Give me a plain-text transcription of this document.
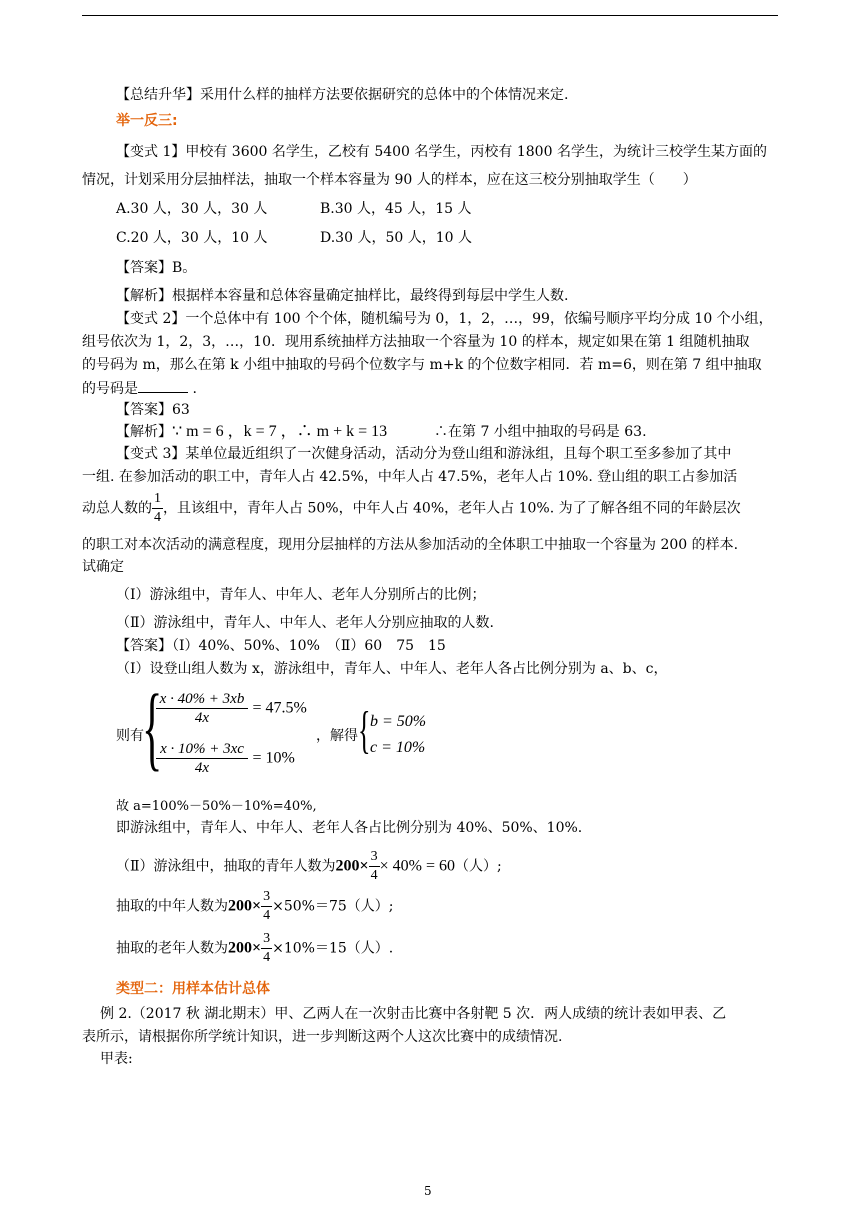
【总结升华】采用什么样的抽样方法要依据研究的总体中的个体情况来定.
举一反三:
【变式 1】甲校有 3600 名学生，乙校有 5400 名学生，丙校有 1800 名学生，为统计三校学生某方面的
情况，计划采用分层抽样法，抽取一个样本容量为 90 人的样本，应在这三校分别抽取学生（　　）
A.30 人，30 人，30 人	B.30 人，45 人，15 人
C.20 人，30 人，10 人	D.30 人，50 人，10 人
【答案】B。
【解析】根据样本容量和总体容量确定抽样比，最终得到每层中学生人数.
【变式 2】一个总体中有 100 个个体，随机编号为 0，1，2，…，99，依编号顺序平均分成 10 个小组，
组号依次为 1，2，3，…，10．现用系统抽样方法抽取一个容量为 10 的样本，规定如果在第 1 组随机抽取
的号码为 m，那么在第 k 小组中抽取的号码个位数字与 m+k 的个位数字相同．若 m=6，则在第 7 组中抽取
的号码是	.
【答案】63
【解析】∵ m = 6 ，k = 7 ，∴ m + k = 13	∴在第 7 小组中抽取的号码是 63.
【变式 3】某单位最近组织了一次健身活动，活动分为登山组和游泳组，且每个职工至多参加了其中
一组. 在参加活动的职工中，青年人占 42.5%，中年人占 47.5%，老年人占 10%. 登山组的职工占参加活
动总人数的 $\frac{1}{4}$ ，且该组中，青年人占 50%，中年人占 40%，老年人占 10%. 为了了解各组不同的年龄层次
的职工对本次活动的满意程度，现用分层抽样的方法从参加活动的全体职工中抽取一个容量为 200 的样本.
试确定
（Ⅰ）游泳组中，青年人、中年人、老年人分别所占的比例；
（Ⅱ）游泳组中，青年人、中年人、老年人分别应抽取的人数.
【答案】（Ⅰ）40%、50%、10%　（Ⅱ）60　75　15
（Ⅰ）设登山组人数为 x，游泳组中，青年人、中年人、老年人各占比例分别为 a、b、c，
则有
{
$\frac{x \cdot 40\% + 3xb}{4x} = 47.5\%$
$\frac{x \cdot 10\% + 3xc}{4x} = 10\%$
，解得 { b = 50%
c = 10%
故 a=100%－50%－10%=40%,
即游泳组中，青年人、中年人、老年人各占比例分别为 40%、50%、10%.
（Ⅱ）游泳组中，抽取的青年人数为$200\times \frac{3}{4} \times 40\% = 60$（人）;
抽取的中年人数为$200\times \frac{3}{4} \times 50\%=75$（人）;
抽取的老年人数为$200\times \frac{3}{4} \times 10\%=15$（人）.
类型二：用样本估计总体
例 2.（2017 秋 湖北期末）甲、乙两人在一次射击比赛中各射靶 5 次．两人成绩的统计表如甲表、乙
表所示，请根据你所学统计知识，进一步判断这两个人这次比赛中的成绩情况.
甲表:
5
